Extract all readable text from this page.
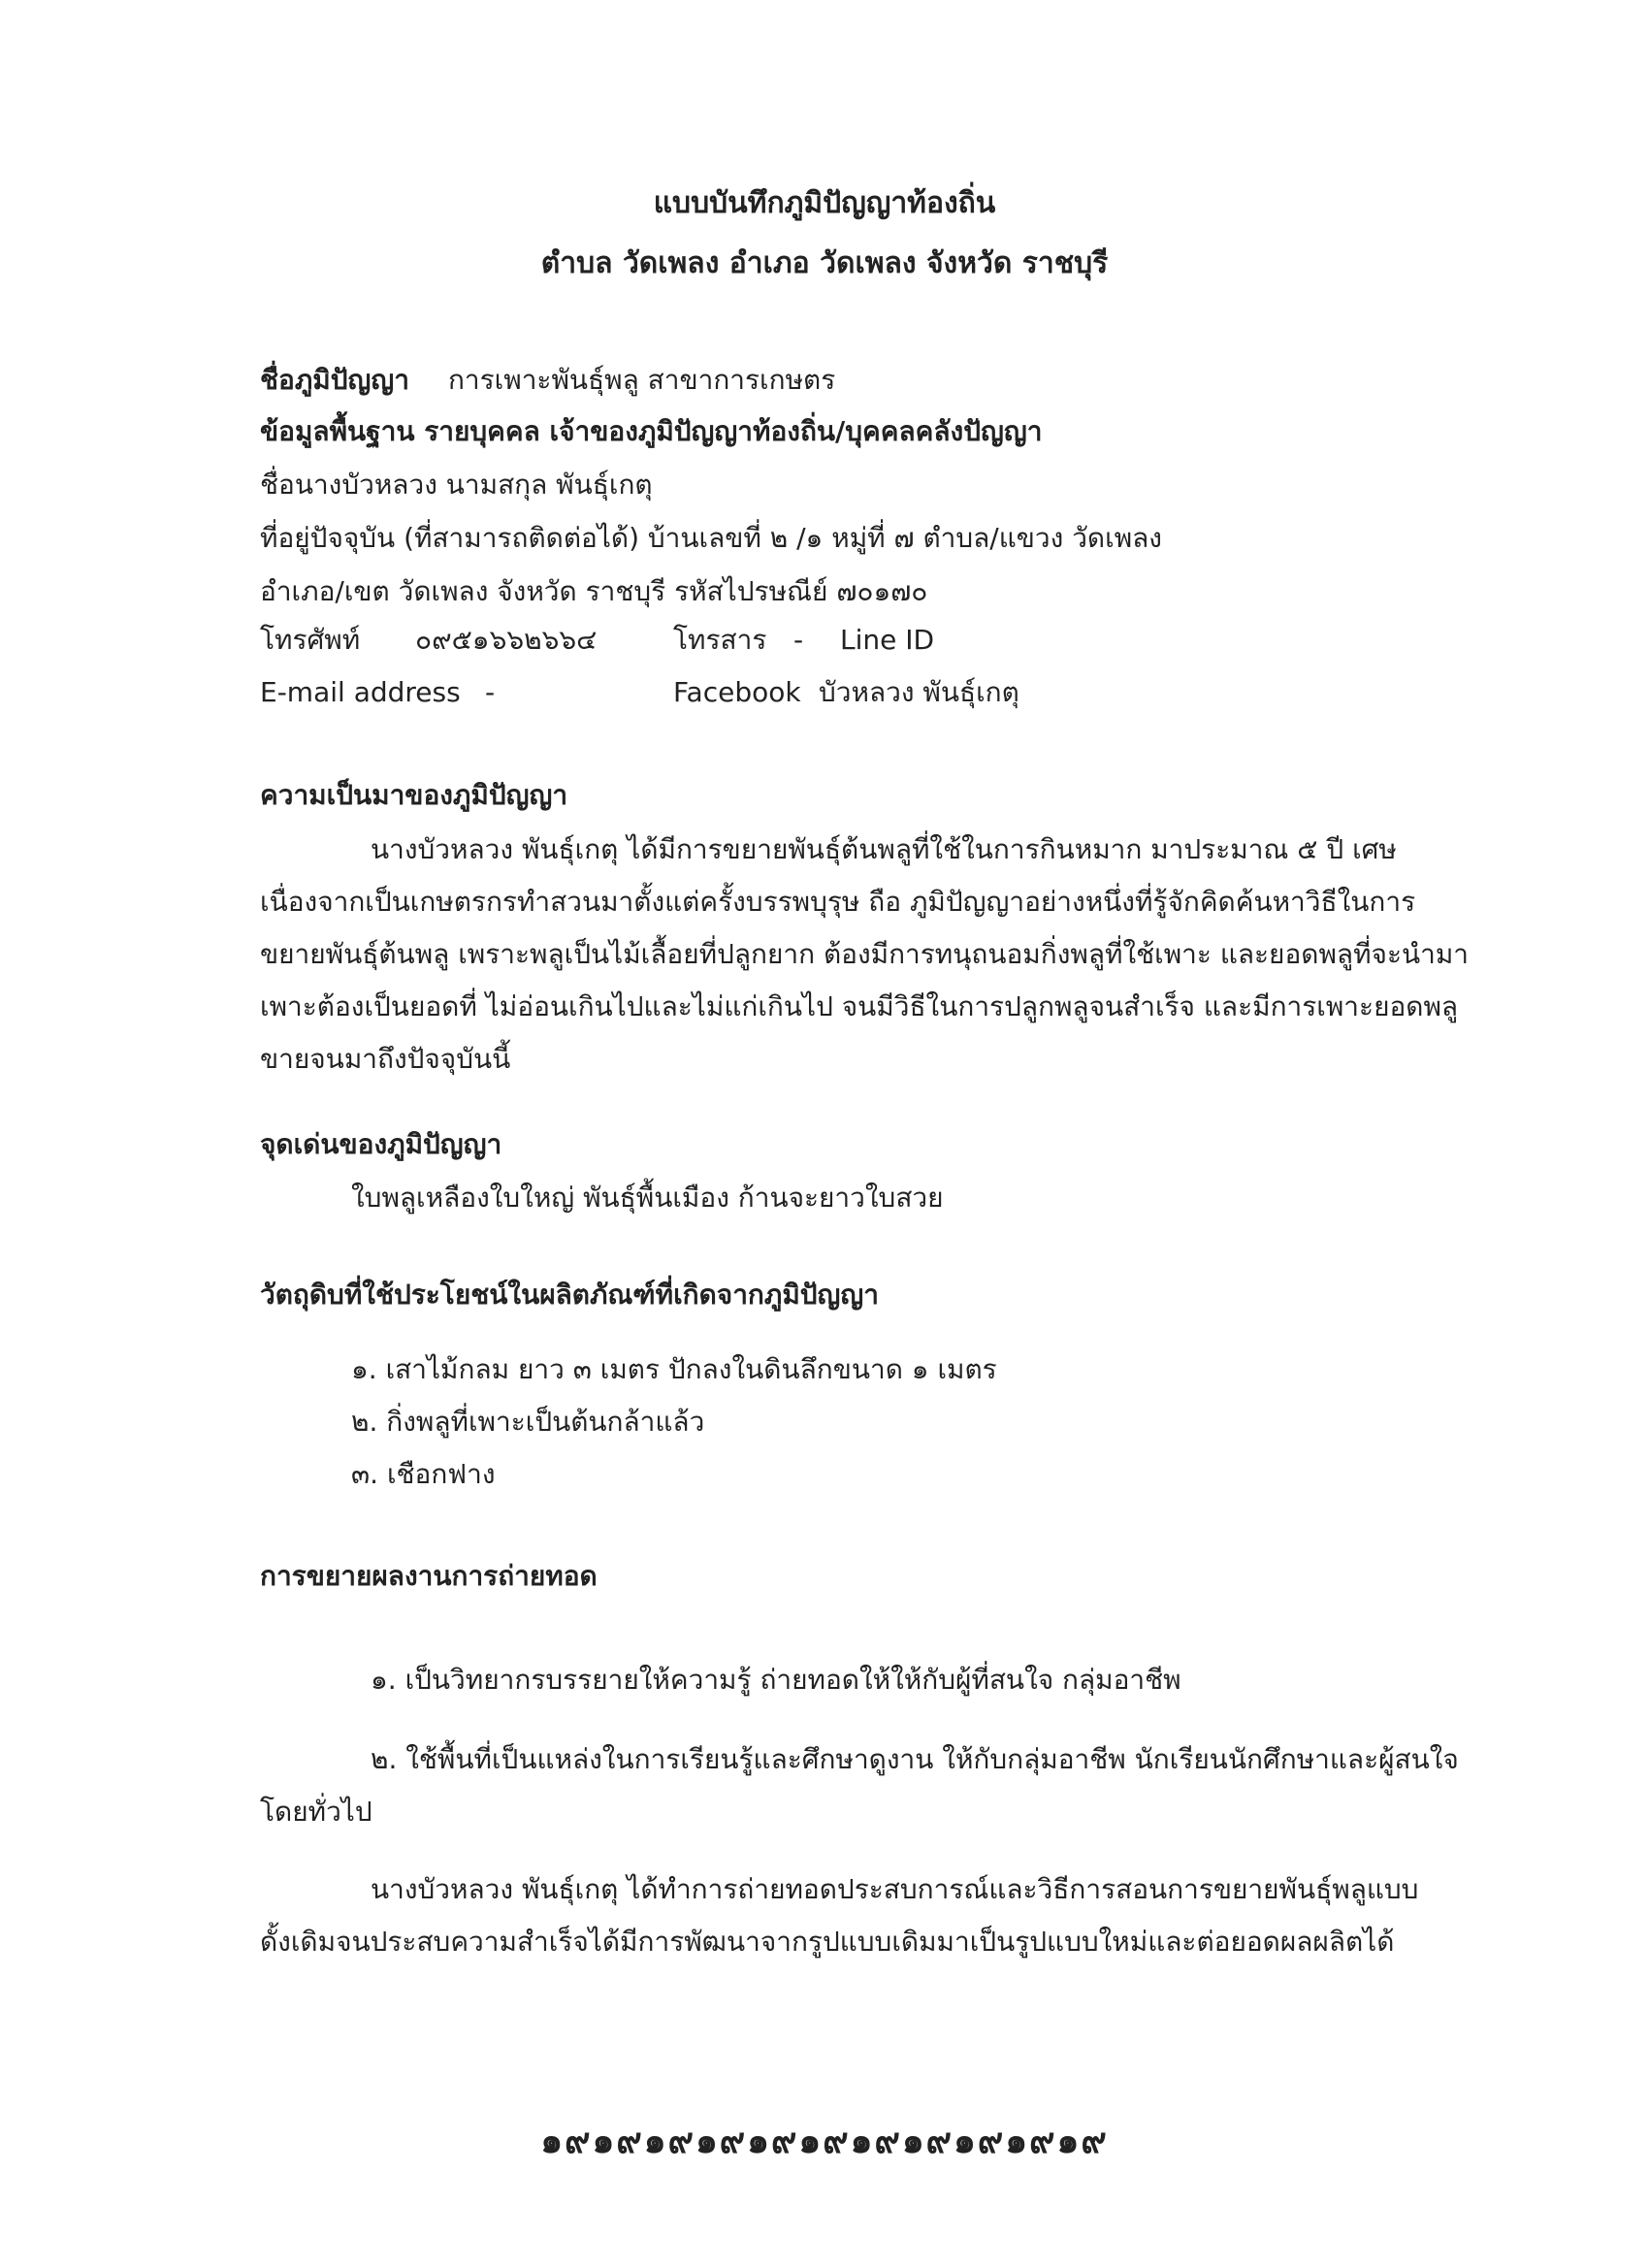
แบบบันทึกภูมิปัญญาท้องถิ่น
ตำบล วัดเพลง อำเภอ วัดเพลง จังหวัด ราชบุรี
ชื่อภูมิปัญญา การเพาะพันธุ์พลู สาขาการเกษตร
ข้อมูลพื้นฐาน รายบุคคล เจ้าของภูมิปัญญาท้องถิ่น/บุคคลคลังปัญญา
ชื่อนางบัวหลวง นามสกุล พันธุ์เกตุ
ที่อยู่ปัจจุบัน (ที่สามารถติดต่อได้) บ้านเลขที่ ๒ /๑ หมู่ที่ ๗ ตำบล/แขวง วัดเพลง
อำเภอ/เขต วัดเพลง จังหวัด ราชบุรี รหัสไปรษณีย์ ๗๐๑๗๐
โทรศัพท์ ๐๙๕๑๖๖๒๖๖๔	โทรสาร - Line ID
E-mail address -	Facebook บัวหลวง พันธุ์เกตุ
ความเป็นมาของภูมิปัญญา
นางบัวหลวง พันธุ์เกตุ ได้มีการขยายพันธุ์ต้นพลูที่ใช้ในการกินหมาก มาประมาณ ๕ ปี เศษ
เนื่องจากเป็นเกษตรกรทำสวนมาตั้งแต่ครั้งบรรพบุรุษ ถือ ภูมิปัญญาอย่างหนึ่งที่รู้จักคิดค้นหาวิธีในการ
ขยายพันธุ์ต้นพลู เพราะพลูเป็นไม้เลื้อยที่ปลูกยาก ต้องมีการทนุถนอมกิ่งพลูที่ใช้เพาะ และยอดพลูที่จะนำมา
เพาะต้องเป็นยอดที่ ไม่อ่อนเกินไปและไม่แก่เกินไป จนมีวิธีในการปลูกพลูจนสำเร็จ และมีการเพาะยอดพลู
ขายจนมาถึงปัจจุบันนี้
จุดเด่นของภูมิปัญญา
ใบพลูเหลืองใบใหญ่ พันธุ์พื้นเมือง ก้านจะยาวใบสวย
วัตถุดิบที่ใช้ประโยชน์ในผลิตภัณฑ์ที่เกิดจากภูมิปัญญา
๑. เสาไม้กลม ยาว ๓ เมตร ปักลงในดินลึกขนาด ๑ เมตร
๒. กิ่งพลูที่เพาะเป็นต้นกล้าแล้ว
๓. เชือกฟาง
การขยายผลงานการถ่ายทอด
๑. เป็นวิทยากรบรรยายให้ความรู้ ถ่ายทอดให้ให้กับผู้ที่สนใจ กลุ่มอาชีพ
๒. ใช้พื้นที่เป็นแหล่งในการเรียนรู้และศึกษาดูงาน ให้กับกลุ่มอาชีพ นักเรียนนักศึกษาและผู้สนใจ
โดยทั่วไป
นางบัวหลวง พันธุ์เกตุ ได้ทำการถ่ายทอดประสบการณ์และวิธีการสอนการขยายพันธุ์พลูแบบ
ดั้งเดิมจนประสบความสำเร็จได้มีการพัฒนาจากรูปแบบเดิมมาเป็นรูปแบบใหม่และต่อยอดผลผลิตได้
๑๙๑๙๑๙๑๙๑๙๑๙๑๙๑๙๑๙๑๙๑๙
